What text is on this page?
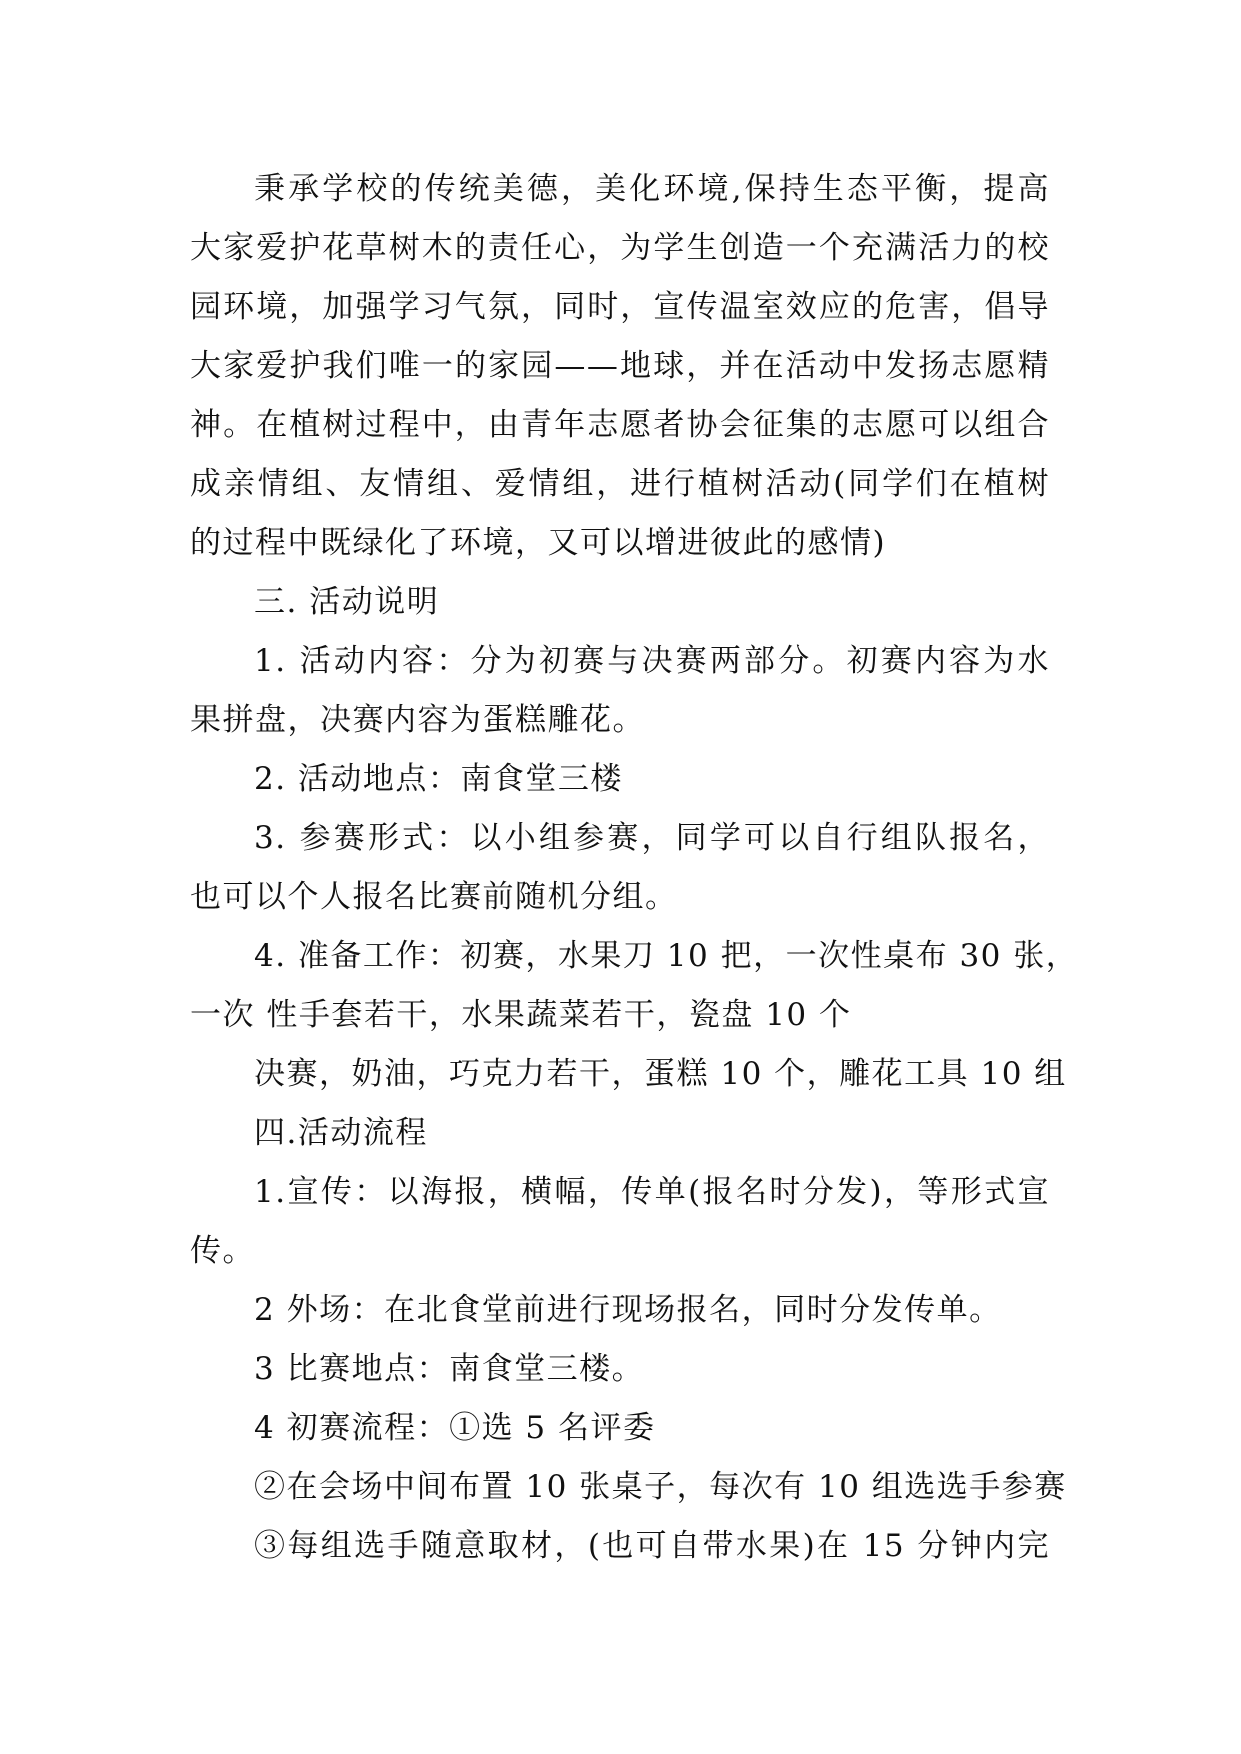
秉承学校的传统美德，美化环境,保持生态平衡，提高
大家爱护花草树木的责任心，为学生创造一个充满活力的校
园环境，加强学习气氛，同时，宣传温室效应的危害，倡导
大家爱护我们唯一的家园——地球，并在活动中发扬志愿精
神。在植树过程中，由青年志愿者协会征集的志愿可以组合
成亲情组、友情组、爱情组，进行植树活动(同学们在植树
的过程中既绿化了环境，又可以增进彼此的感情)
三. 活动说明
1. 活动内容：分为初赛与决赛两部分。初赛内容为水
果拼盘，决赛内容为蛋糕雕花。
2. 活动地点：南食堂三楼
3. 参赛形式：以小组参赛，同学可以自行组队报名，
也可以个人报名比赛前随机分组。
4. 准备工作：初赛，水果刀 10 把，一次性桌布 30 张，
一次 性手套若干，水果蔬菜若干，瓷盘 10 个
决赛，奶油，巧克力若干，蛋糕 10 个，雕花工具 10 组
四.活动流程
1.宣传：以海报，横幅，传单(报名时分发)，等形式宣
传。
2 外场：在北食堂前进行现场报名，同时分发传单。
3 比赛地点：南食堂三楼。
4 初赛流程：①选 5 名评委
②在会场中间布置 10 张桌子，每次有 10 组选选手参赛
③每组选手随意取材，(也可自带水果)在 15 分钟内完
